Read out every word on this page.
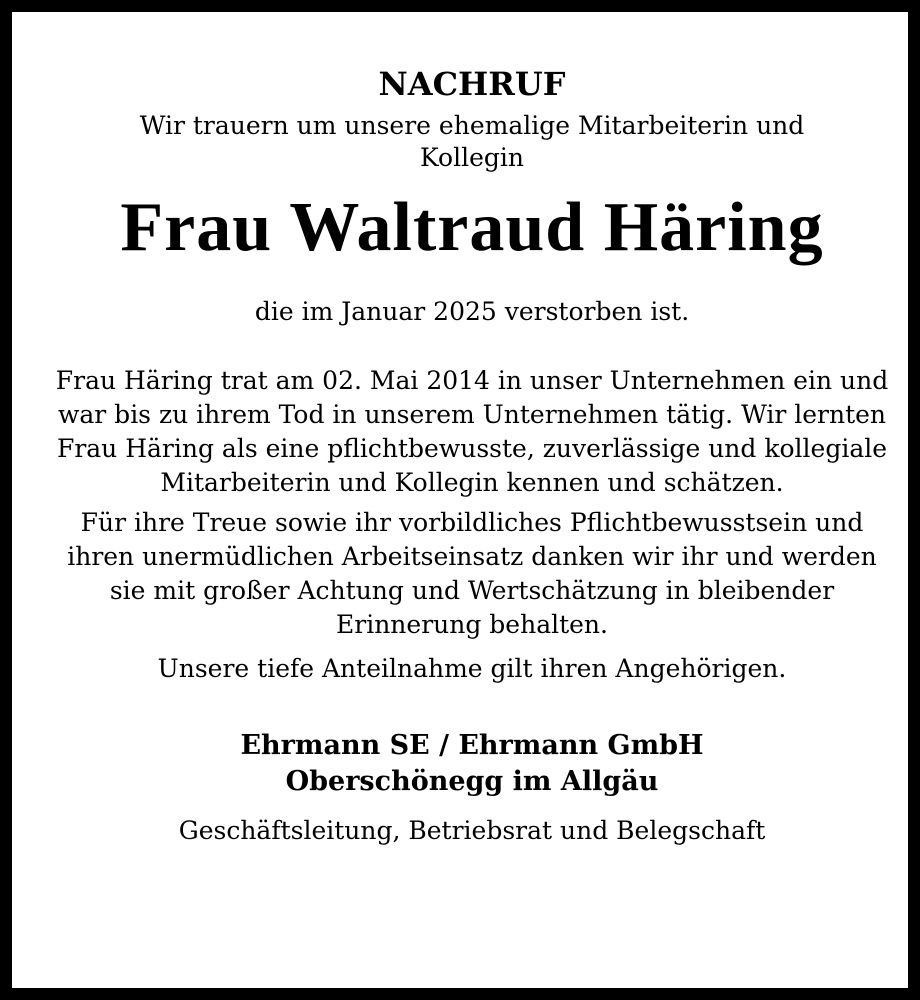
NACHRUF
Wir trauern um unsere ehemalige Mitarbeiterin und Kollegin
Frau Waltraud Häring
die im Januar 2025 verstorben ist.
Frau Häring trat am 02. Mai 2014 in unser Unternehmen ein und war bis zu ihrem Tod in unserem Unternehmen tätig. Wir lernten Frau Häring als eine pflichtbewusste, zuverlässige und kollegiale Mitarbeiterin und Kollegin kennen und schätzen.
Für ihre Treue sowie ihr vorbildliches Pflichtbewusstsein und ihren unermüdlichen Arbeitseinsatz danken wir ihr und werden sie mit großer Achtung und Wertschätzung in bleibender Erinnerung behalten.
Unsere tiefe Anteilnahme gilt ihren Angehörigen.
Ehrmann SE / Ehrmann GmbH
Oberschönegg im Allgäu
Geschäftsleitung, Betriebsrat und Belegschaft
